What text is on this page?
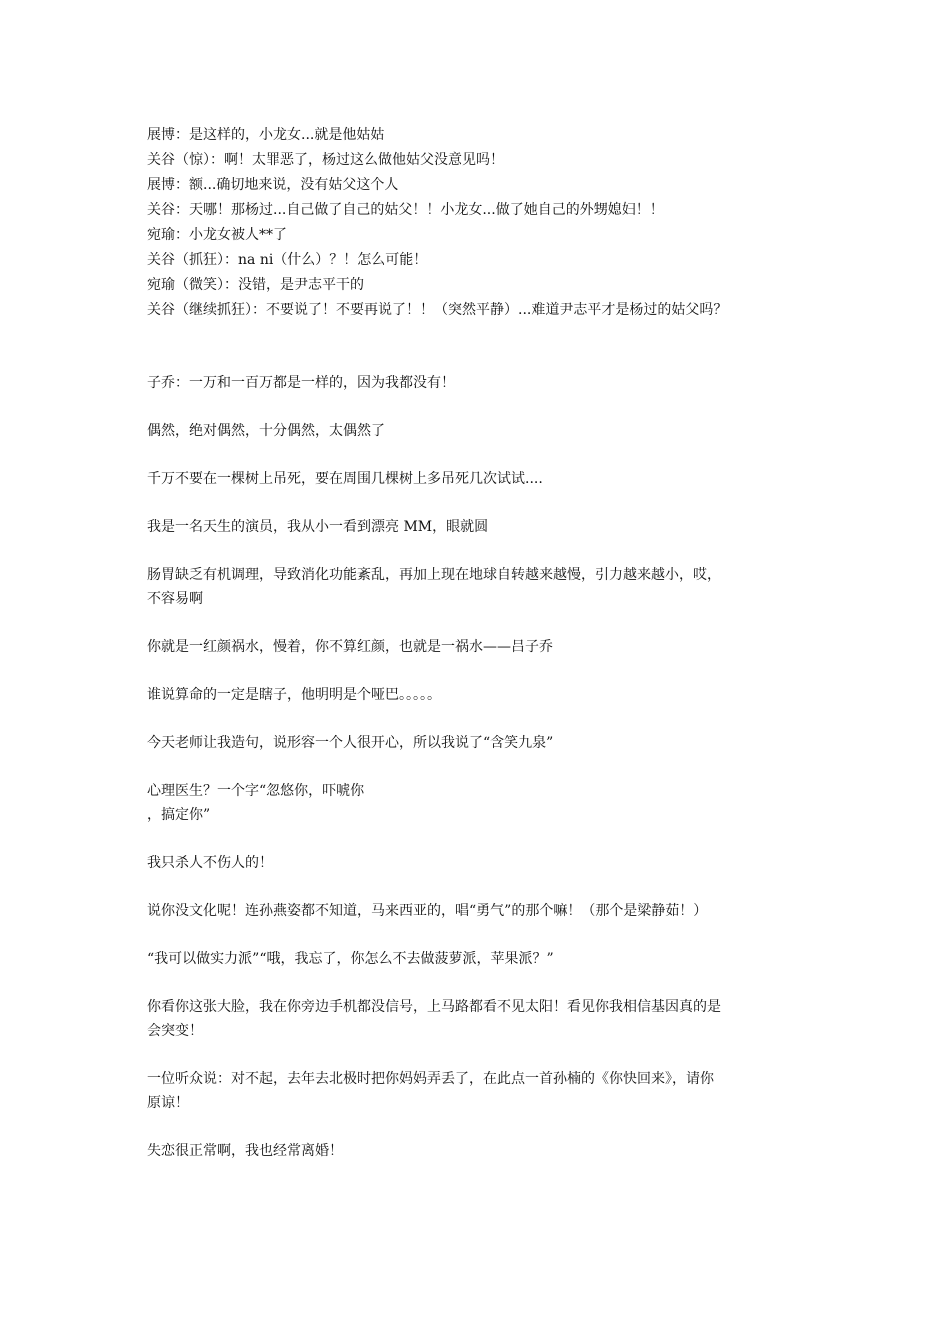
展博：是这样的，小龙女...就是他姑姑
关谷（惊）：啊！太罪恶了，杨过这么做他姑父没意见吗！
展博：额...确切地来说，没有姑父这个人
关谷：天哪！那杨过...自己做了自己的姑父！！小龙女...做了她自己的外甥媳妇！！
宛瑜：小龙女被人**了
关谷（抓狂）：na ni（什么）？！怎么可能！
宛瑜（微笑）：没错，是尹志平干的
关谷（继续抓狂）：不要说了！不要再说了！！（突然平静）...难道尹志平才是杨过的姑父吗？
子乔：一万和一百万都是一样的，因为我都没有！
偶然，绝对偶然，十分偶然，太偶然了
千万不要在一棵树上吊死，要在周围几棵树上多吊死几次试试....
我是一名天生的演员，我从小一看到漂亮 MM，眼就圆
肠胃缺乏有机调理，导致消化功能紊乱，再加上现在地球自转越来越慢，引力越来越小，哎，
不容易啊
你就是一红颜祸水，慢着，你不算红颜，也就是一祸水——吕子乔
谁说算命的一定是瞎子，他明明是个哑巴。。。。。
今天老师让我造句，说形容一个人很开心，所以我说了“含笑九泉”
心理医生？一个字“忽悠你，吓唬你
，搞定你”
我只杀人不伤人的！
说你没文化呢！连孙燕姿都不知道，马来西亚的，唱“勇气”的那个嘛！（那个是梁静茹！）
“我可以做实力派”“哦，我忘了，你怎么不去做菠萝派，苹果派？”
你看你这张大脸，我在你旁边手机都没信号，上马路都看不见太阳！看见你我相信基因真的是
会突变！
一位听众说：对不起，去年去北极时把你妈妈弄丢了，在此点一首孙楠的《你快回来》，请你
原谅！
失恋很正常啊，我也经常离婚！
